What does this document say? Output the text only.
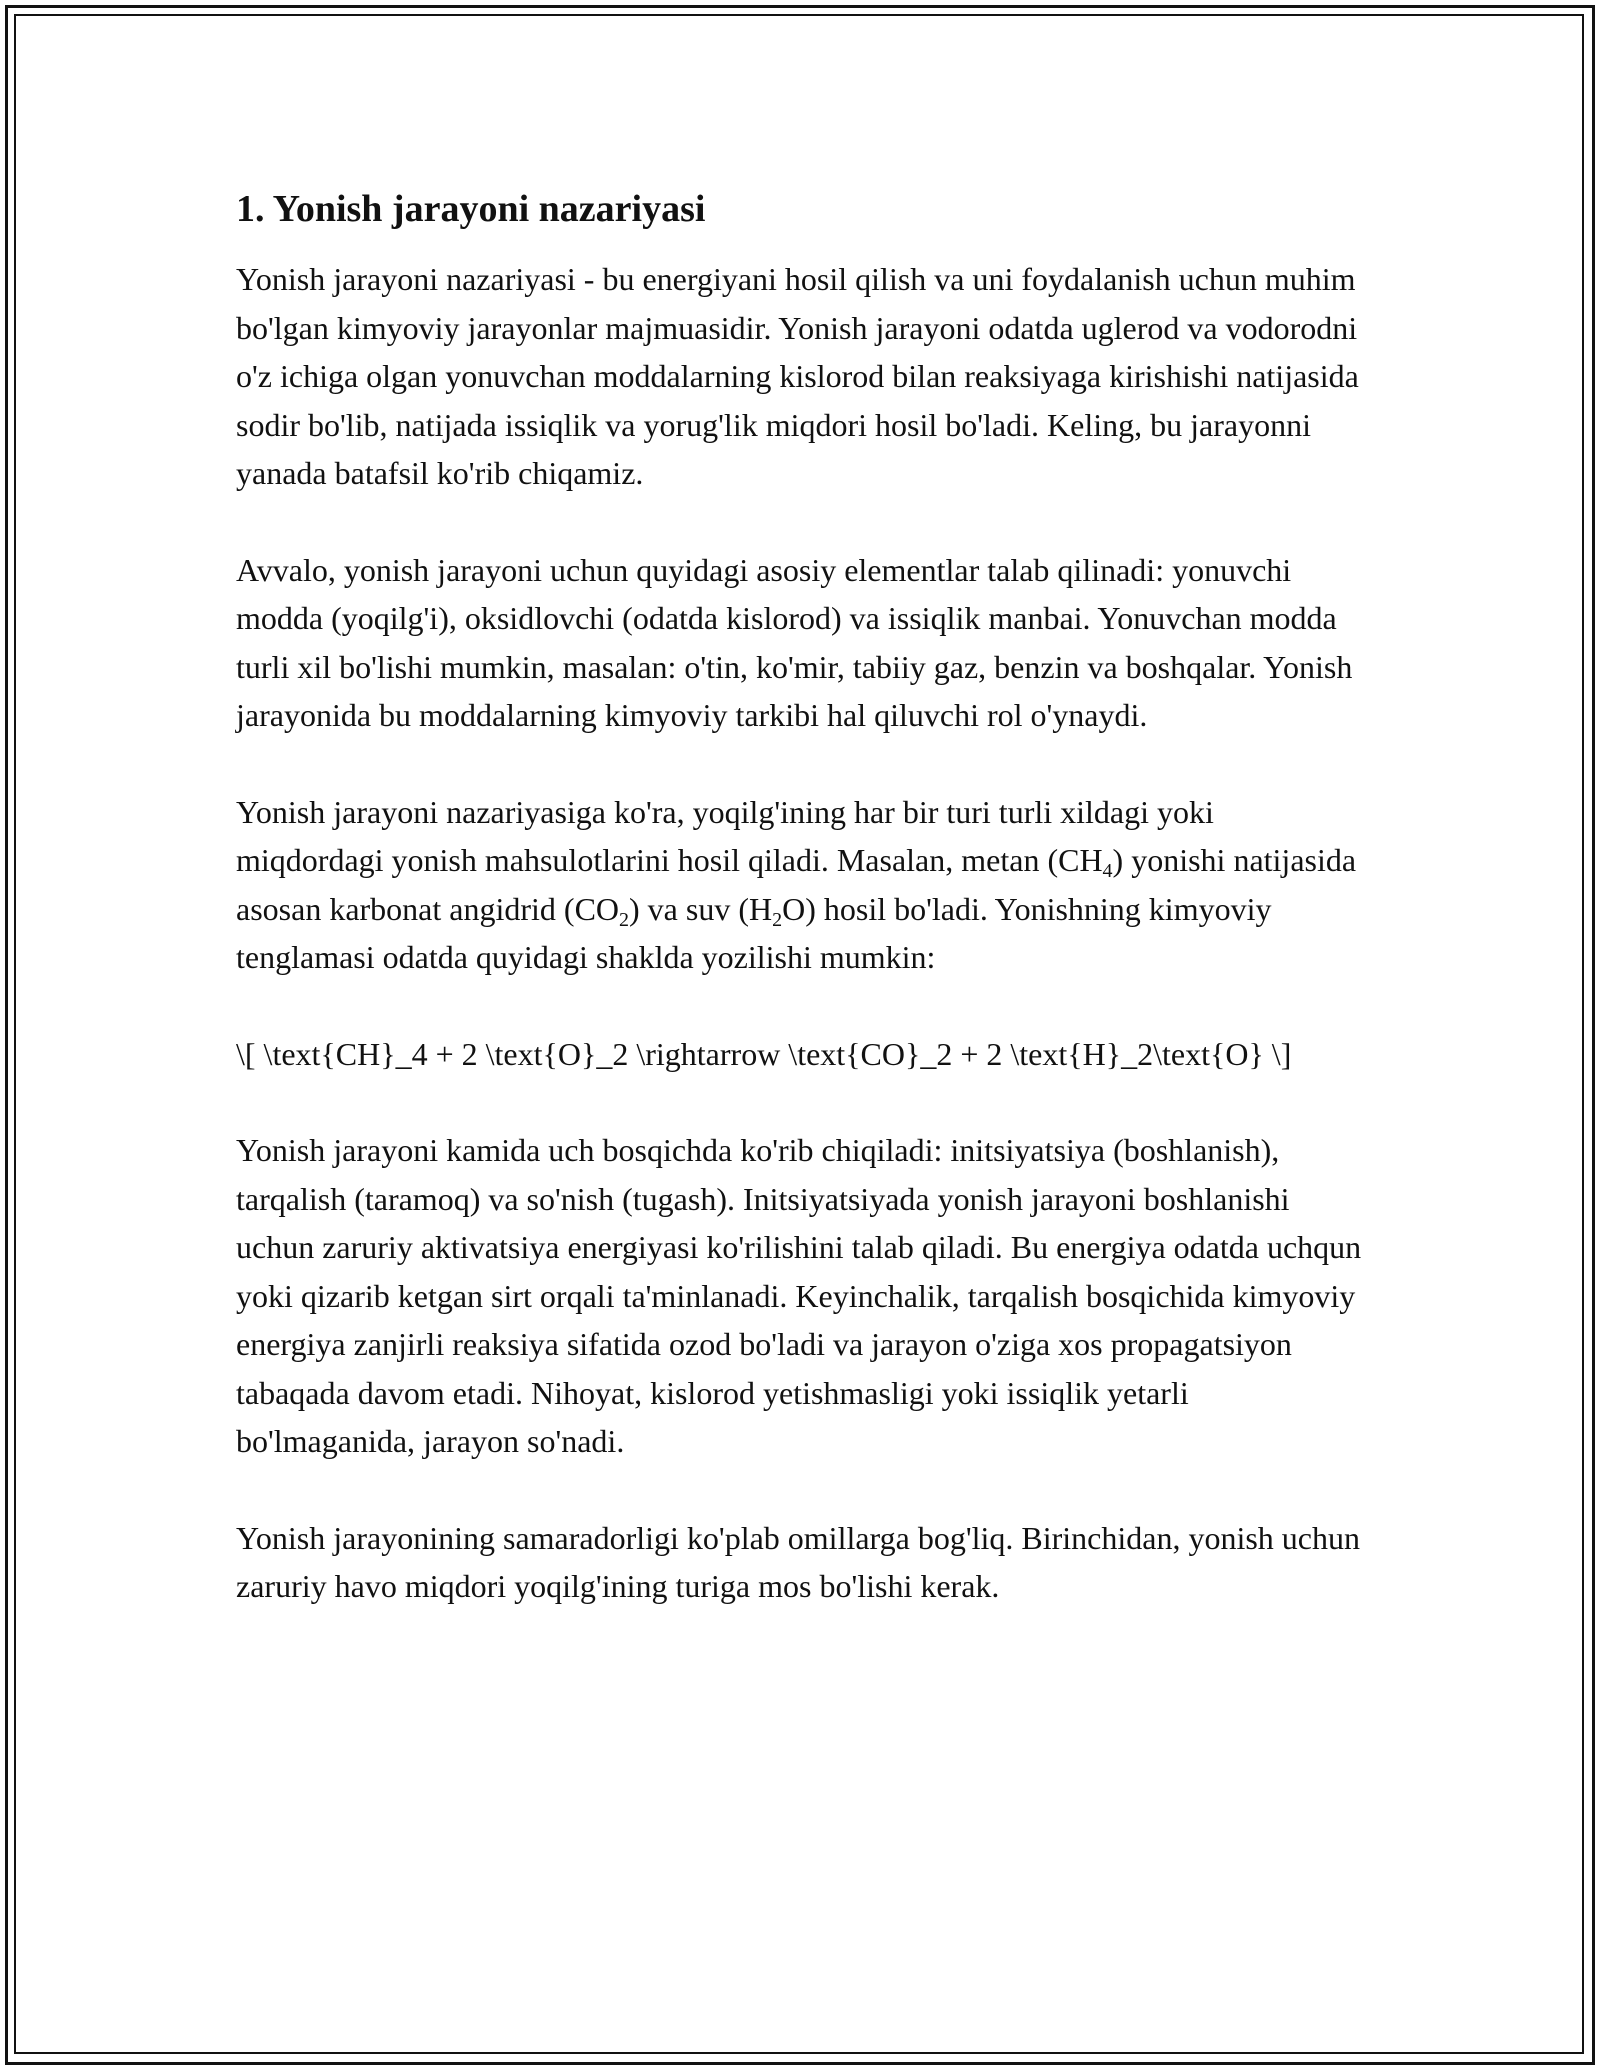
1. Yonish jarayoni nazariyasi

Yonish jarayoni nazariyasi - bu energiyani hosil qilish va uni foydalanish uchun muhim bo'lgan kimyoviy jarayonlar majmuasidir. Yonish jarayoni odatda uglerod va vodorodni o'z ichiga olgan yonuvchan moddalarning kislorod bilan reaksiyaga kirishishi natijasida sodir bo'lib, natijada issiqlik va yorug'lik miqdori hosil bo'ladi. Keling, bu jarayonni yanada batafsil ko'rib chiqamiz.

Avvalo, yonish jarayoni uchun quyidagi asosiy elementlar talab qilinadi: yonuvchi modda (yoqilg'i), oksidlovchi (odatda kislorod) va issiqlik manbai. Yonuvchan modda turli xil bo'lishi mumkin, masalan: o'tin, ko'mir, tabiiy gaz, benzin va boshqalar. Yonish jarayonida bu moddalarning kimyoviy tarkibi hal qiluvchi rol o'ynaydi.

Yonish jarayoni nazariyasiga ko'ra, yoqilg'ining har bir turi turli xildagi yoki miqdordagi yonish mahsulotlarini hosil qiladi. Masalan, metan $(CH_4)$ yonishi natijasida asosan karbonat angidrid $(CO_2)$ va suv $(H_2O)$ hosil bo'ladi. Yonishning kimyoviy tenglamasi odatda quyidagi shaklda yozilishi mumkin:

\[ \text{CH}_4 + 2 \text{O}_2 \rightarrow \text{CO}_2 + 2 \text{H}_2\text{O} \]

Yonish jarayoni kamida uch bosqichda ko'rib chiqiladi: initsiyatsiya (boshlanish), tarqalish (taramoq) va so'nish (tugash). Initsiyatsiyada yonish jarayoni boshlanishi uchun zaruriy aktivatsiya energiyasi ko'rilishini talab qiladi. Bu energiya odatda uchqun yoki qizarib ketgan sirt orqali ta'minlanadi. Keyinchalik, tarqalish bosqichida kimyoviy energiya zanjirli reaksiya sifatida ozod bo'ladi va jarayon o'ziga xos propagatsiyon tabaqada davom etadi. Nihoyat, kislorod yetishmasligi yoki issiqlik yetarli bo'lmaganida, jarayon so'nadi.

Yonish jarayonining samaradorligi ko'plab omillarga bog'liq. Birinchidan, yonish uchun zaruriy havo miqdori yoqilg'ining turiga mos bo'lishi kerak.
